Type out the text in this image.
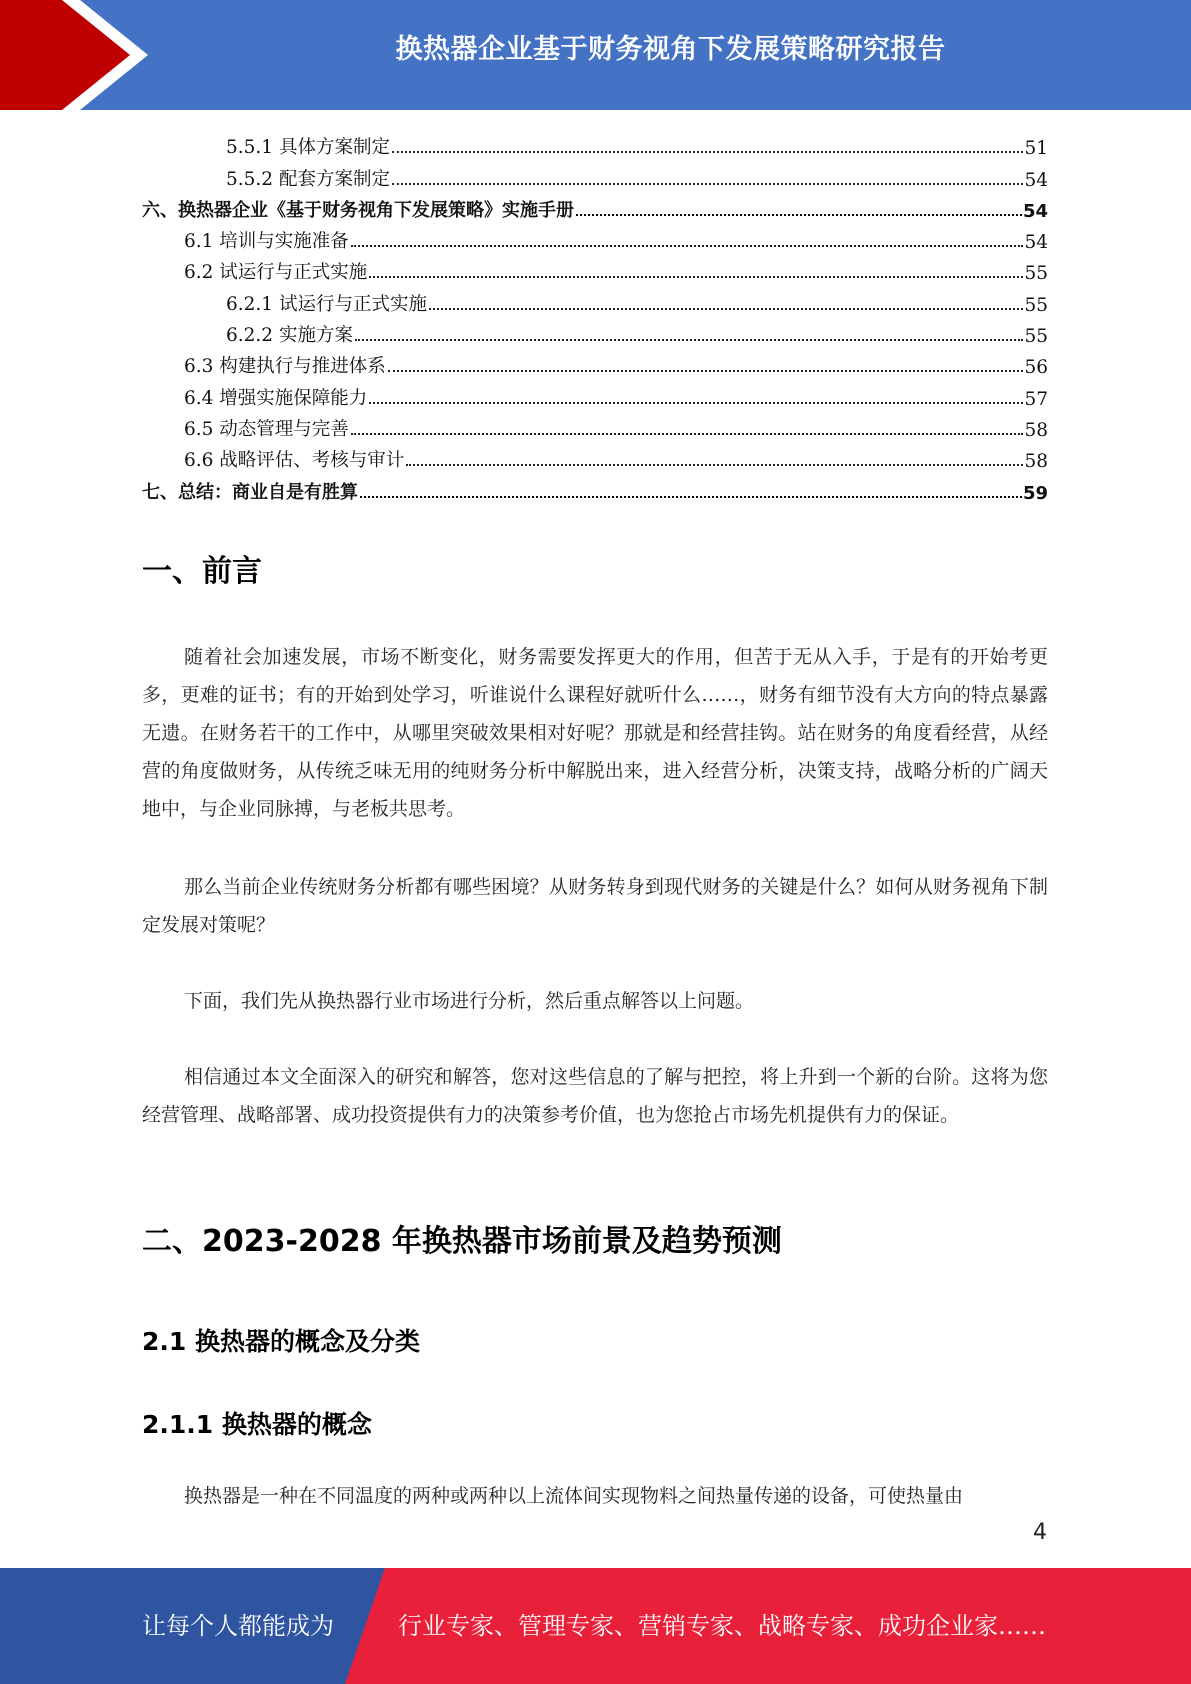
换热器企业基于财务视角下发展策略研究报告
5.5.1 具体方案制定	51
5.5.2 配套方案制定	54
六、换热器企业《基于财务视角下发展策略》实施手册	54
6.1 培训与实施准备	54
6.2 试运行与正式实施	55
6.2.1 试运行与正式实施	55
6.2.2 实施方案	55
6.3 构建执行与推进体系	56
6.4 增强实施保障能力	57
6.5 动态管理与完善	58
6.6 战略评估、考核与审计	58
七、总结：商业自是有胜算	59
一、前言

随着社会加速发展，市场不断变化，财务需要发挥更大的作用，但苦于无从入手，于是有的开始考更多，更难的证书；有的开始到处学习，听谁说什么课程好就听什么……，财务有细节没有大方向的特点暴露无遗。在财务若干的工作中，从哪里突破效果相对好呢？那就是和经营挂钩。站在财务的角度看经营，从经营的角度做财务，从传统乏味无用的纯财务分析中解脱出来，进入经营分析，决策支持，战略分析的广阔天地中，与企业同脉搏，与老板共思考。

那么当前企业传统财务分析都有哪些困境？从财务转身到现代财务的关键是什么？如何从财务视角下制定发展对策呢？

下面，我们先从换热器行业市场进行分析，然后重点解答以上问题。

相信通过本文全面深入的研究和解答，您对这些信息的了解与把控，将上升到一个新的台阶。这将为您经营管理、战略部署、成功投资提供有力的决策参考价值，也为您抢占市场先机提供有力的保证。

二、2023-2028 年换热器市场前景及趋势预测
2.1 换热器的概念及分类
2.1.1 换热器的概念

换热器是一种在不同温度的两种或两种以上流体间实现物料之间热量传递的设备，可使热量由

4
让每个人都能成为	行业专家、管理专家、营销专家、战略专家、成功企业家……
